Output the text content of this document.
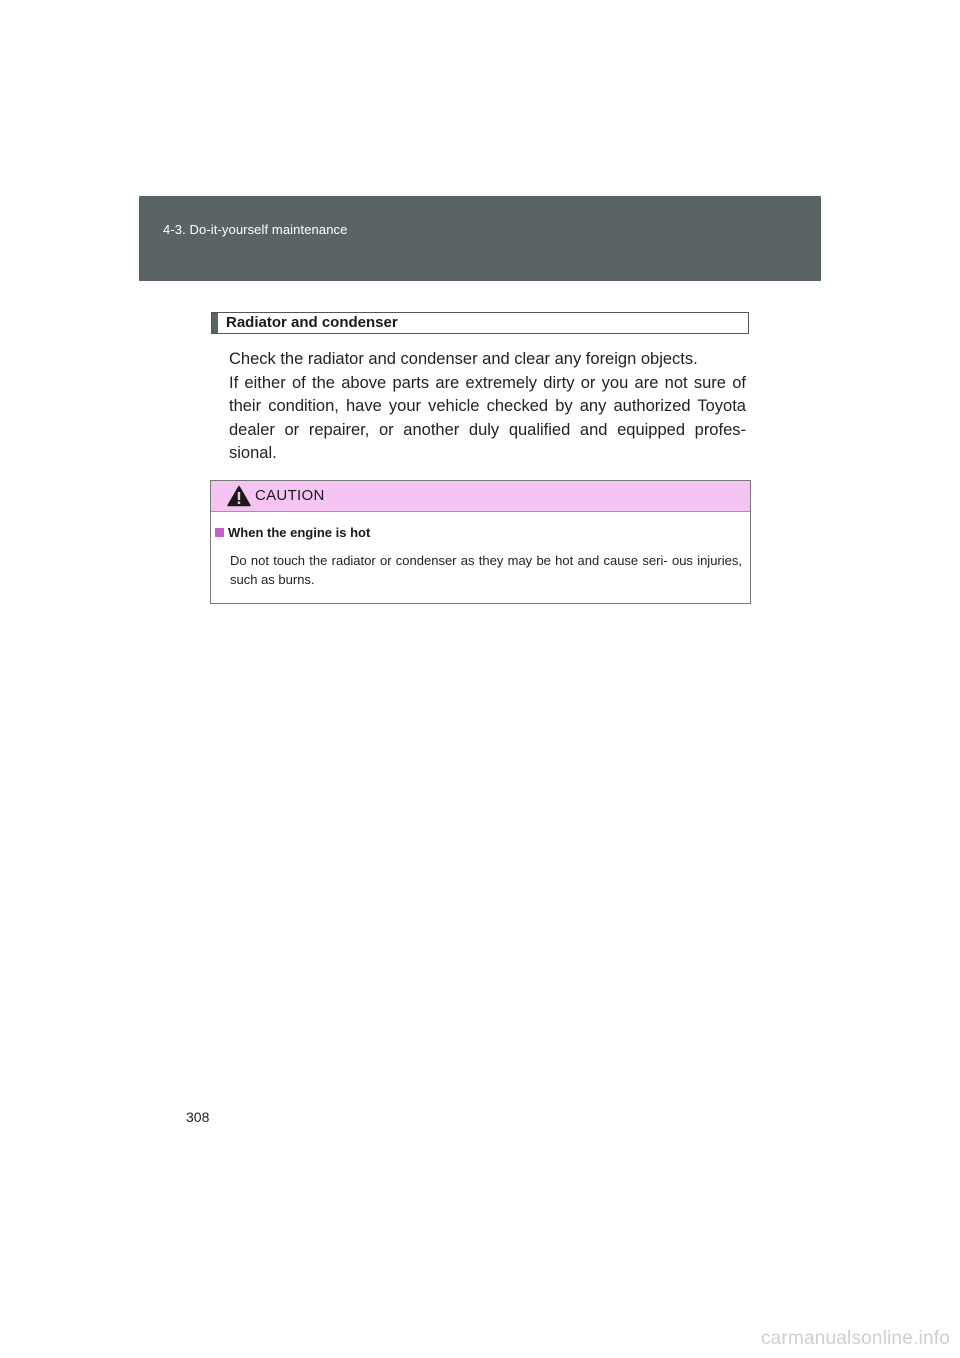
4-3. Do-it-yourself maintenance
Radiator and condenser

Check the radiator and condenser and clear any foreign objects.

If either of the above parts are extremely dirty or you are not sure of their condition, have your vehicle checked by any authorized Toyota dealer or repairer, or another duly qualified and equipped profes- sional.

CAUTION
When the engine is hot
Do not touch the radiator or condenser as they may be hot and cause seri- ous injuries, such as burns.
308
carmanualsonline.info
